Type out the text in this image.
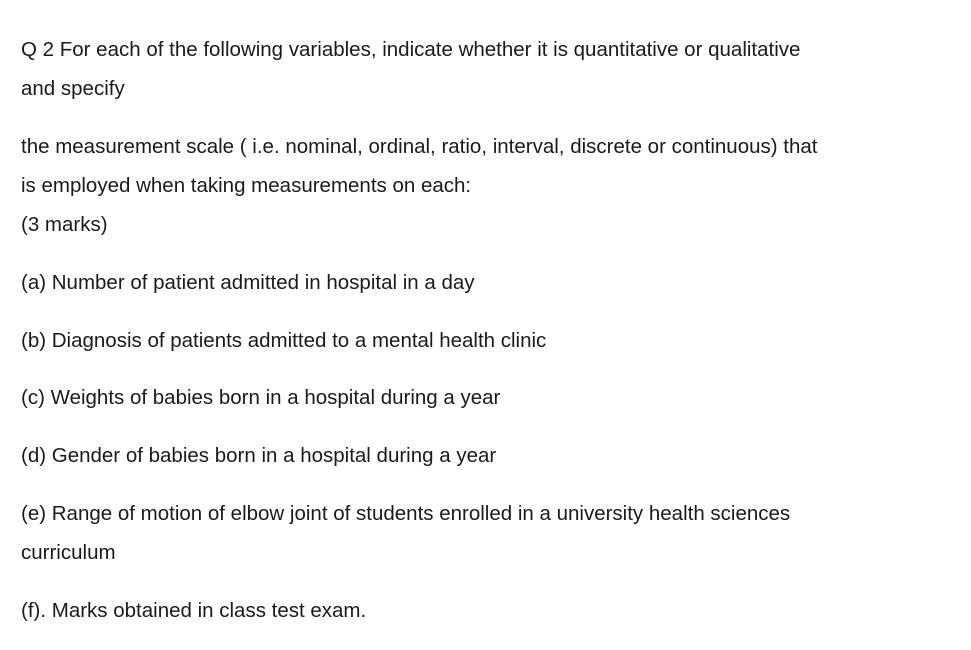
Q 2 For each of the following variables, indicate whether it is quantitative or qualitative
and specify
the measurement scale ( i.e. nominal, ordinal, ratio, interval, discrete or continuous) that
is employed when taking measurements on each:
(3 marks)
(a) Number of patient admitted in hospital in a day
(b) Diagnosis of patients admitted to a mental health clinic
(c) Weights of babies born in a hospital during a year
(d) Gender of babies born in a hospital during a year
(e) Range of motion of elbow joint of students enrolled in a university health sciences
curriculum
(f). Marks obtained in class test exam.
